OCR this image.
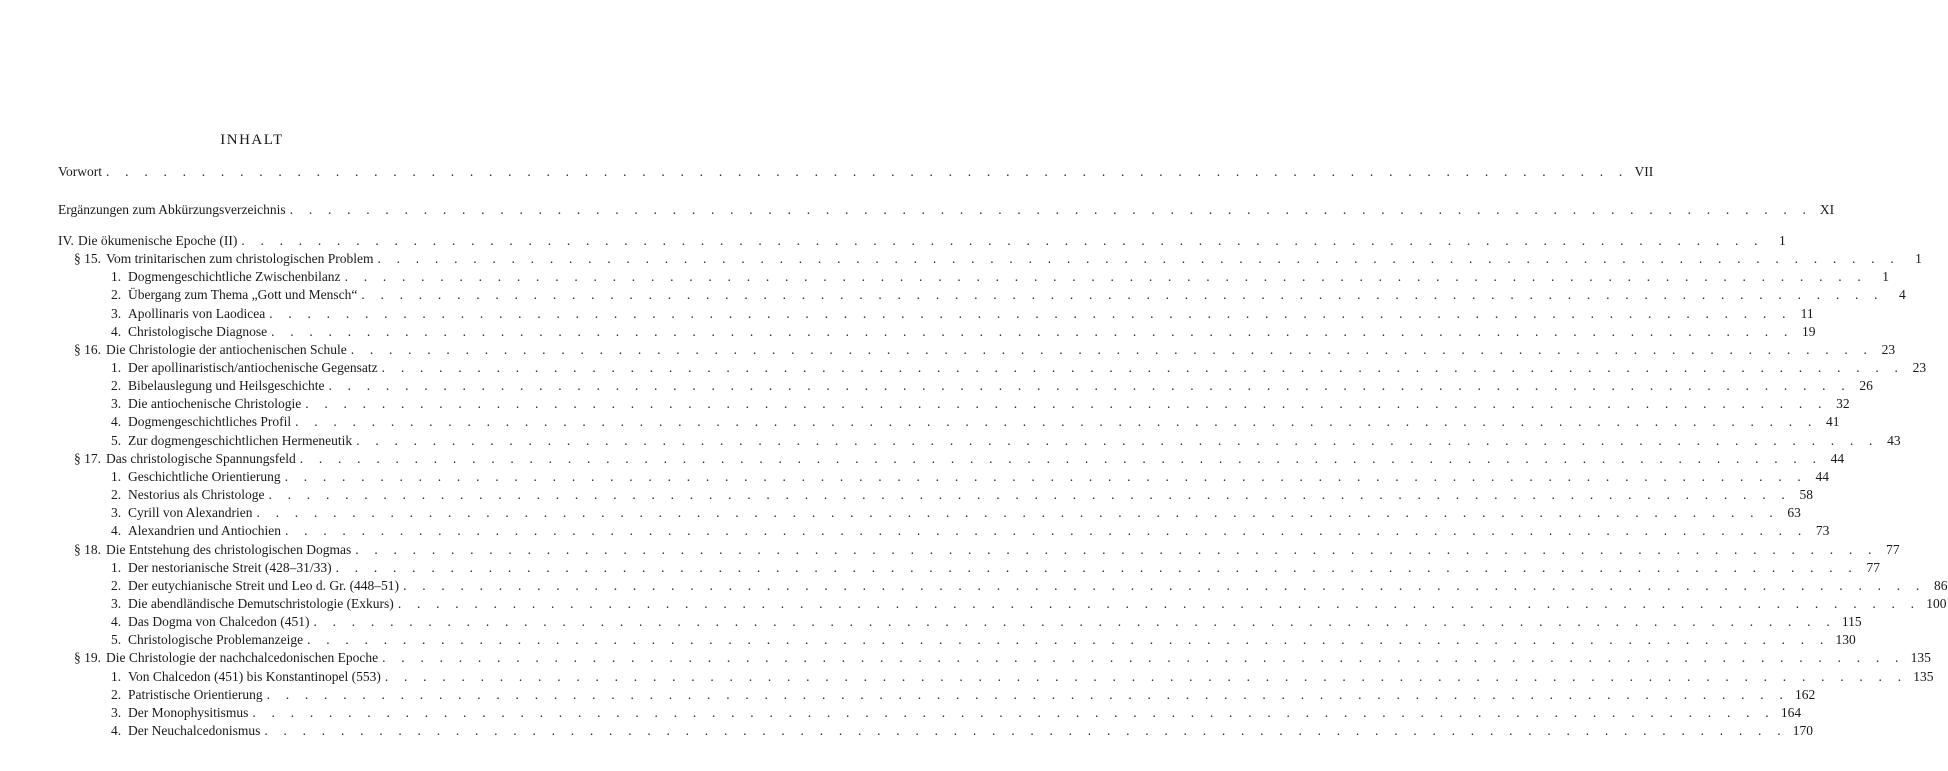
INHALT
Vorwort . . . . . . . . . . . . . . . . . . . . . . . . . . . . . . . . . . . . . . . . . . . . . . . . . . . . . . . . . . . . . . . . . . . . . . . . . . . . . . . . VII
Ergänzungen zum Abkürzungsverzeichnis . . . . . . . . . . . . . . . . . . . . . . . . . . . . . . . . . . . . . . . . . . . . . . . . . . . . . . . . . . . . . . . . . . . . . . . . . . . . . . . . XI
IV. Die ökumenische Epoche (II) . . . . . . . . . . . . . . . . . . . . . . . . . . . . . . . . . . . . . . . . . . . . . . . . . . . . . . . . . . . . . . . . . . . . . . . . . . . . . . . .	1
§ 15. Vom trinitarischen zum christologischen Problem . . . . . . . . . . . . . . . . . . . . . . . . . . . . . . . . . . . . . . . . . . . . . . . . . . . . . . . . . . . . . . . . . . . . . . . . . . . . . . . .	1
1. Dogmengeschichtliche Zwischenbilanz . . . . . . . . . . . . . . . . . . . . . . . . . . . . . . . . . . . . . . . . . . . . . . . . . . . . . . . . . . . . . . . . . . . . . . . . . . . . . . . .	1
2. Übergang zum Thema „Gott und Mensch“ . . . . . . . . . . . . . . . . . . . . . . . . . . . . . . . . . . . . . . . . . . . . . . . . . . . . . . . . . . . . . . . . . . . . . . . . . . . . . . . .	4
3. Apollinaris von Laodicea . . . . . . . . . . . . . . . . . . . . . . . . . . . . . . . . . . . . . . . . . . . . . . . . . . . . . . . . . . . . . . . . . . . . . . . . . . . . . . . . 11
4. Christologische Diagnose . . . . . . . . . . . . . . . . . . . . . . . . . . . . . . . . . . . . . . . . . . . . . . . . . . . . . . . . . . . . . . . . . . . . . . . . . . . . . . . . 19
§ 16. Die Christologie der antiochenischen Schule . . . . . . . . . . . . . . . . . . . . . . . . . . . . . . . . . . . . . . . . . . . . . . . . . . . . . . . . . . . . . . . . . . . . . . . . . . . . . . . . 23
1. Der apollinaristisch/antiochenische Gegensatz . . . . . . . . . . . . . . . . . . . . . . . . . . . . . . . . . . . . . . . . . . . . . . . . . . . . . . . . . . . . . . . . . . . . . . . . . . . . . . . . 23
2. Bibelauslegung und Heilsgeschichte . . . . . . . . . . . . . . . . . . . . . . . . . . . . . . . . . . . . . . . . . . . . . . . . . . . . . . . . . . . . . . . . . . . . . . . . . . . . . . . . 26
3. Die antiochenische Christologie . . . . . . . . . . . . . . . . . . . . . . . . . . . . . . . . . . . . . . . . . . . . . . . . . . . . . . . . . . . . . . . . . . . . . . . . . . . . . . . . 32
4. Dogmengeschichtliches Profil . . . . . . . . . . . . . . . . . . . . . . . . . . . . . . . . . . . . . . . . . . . . . . . . . . . . . . . . . . . . . . . . . . . . . . . . . . . . . . . . 41
5. Zur dogmengeschichtlichen Hermeneutik . . . . . . . . . . . . . . . . . . . . . . . . . . . . . . . . . . . . . . . . . . . . . . . . . . . . . . . . . . . . . . . . . . . . . . . . . . . . . . . . 43
§ 17. Das christologische Spannungsfeld . . . . . . . . . . . . . . . . . . . . . . . . . . . . . . . . . . . . . . . . . . . . . . . . . . . . . . . . . . . . . . . . . . . . . . . . . . . . . . . . 44
1. Geschichtliche Orientierung . . . . . . . . . . . . . . . . . . . . . . . . . . . . . . . . . . . . . . . . . . . . . . . . . . . . . . . . . . . . . . . . . . . . . . . . . . . . . . . . 44
2. Nestorius als Christologe . . . . . . . . . . . . . . . . . . . . . . . . . . . . . . . . . . . . . . . . . . . . . . . . . . . . . . . . . . . . . . . . . . . . . . . . . . . . . . . . 58
3. Cyrill von Alexandrien . . . . . . . . . . . . . . . . . . . . . . . . . . . . . . . . . . . . . . . . . . . . . . . . . . . . . . . . . . . . . . . . . . . . . . . . . . . . . . . . 63
4. Alexandrien und Antiochien . . . . . . . . . . . . . . . . . . . . . . . . . . . . . . . . . . . . . . . . . . . . . . . . . . . . . . . . . . . . . . . . . . . . . . . . . . . . . . . . 73
§ 18. Die Entstehung des christologischen Dogmas . . . . . . . . . . . . . . . . . . . . . . . . . . . . . . . . . . . . . . . . . . . . . . . . . . . . . . . . . . . . . . . . . . . . . . . . . . . . . . . . 77
1. Der nestorianische Streit (428–31/33) . . . . . . . . . . . . . . . . . . . . . . . . . . . . . . . . . . . . . . . . . . . . . . . . . . . . . . . . . . . . . . . . . . . . . . . . . . . . . . . . 77
2. Der eutychianische Streit und Leo d. Gr. (448–51) . . . . . . . . . . . . . . . . . . . . . . . . . . . . . . . . . . . . . . . . . . . . . . . . . . . . . . . . . . . . . . . . . . . . . . . . . . . . . . . . 86
3. Die abendländische Demutschristologie (Exkurs) . . . . . . . . . . . . . . . . . . . . . . . . . . . . . . . . . . . . . . . . . . . . . . . . . . . . . . . . . . . . . . . . . . . . . . . . . . . . . . . . 100
4. Das Dogma von Chalcedon (451) . . . . . . . . . . . . . . . . . . . . . . . . . . . . . . . . . . . . . . . . . . . . . . . . . . . . . . . . . . . . . . . . . . . . . . . . . . . . . . . . 115
5. Christologische Problemanzeige . . . . . . . . . . . . . . . . . . . . . . . . . . . . . . . . . . . . . . . . . . . . . . . . . . . . . . . . . . . . . . . . . . . . . . . . . . . . . . . . 130
§ 19. Die Christologie der nachchalcedonischen Epoche . . . . . . . . . . . . . . . . . . . . . . . . . . . . . . . . . . . . . . . . . . . . . . . . . . . . . . . . . . . . . . . . . . . . . . . . . . . . . . . . 135
1. Von Chalcedon (451) bis Konstantinopel (553) . . . . . . . . . . . . . . . . . . . . . . . . . . . . . . . . . . . . . . . . . . . . . . . . . . . . . . . . . . . . . . . . . . . . . . . . . . . . . . . . 135
2. Patristische Orientierung . . . . . . . . . . . . . . . . . . . . . . . . . . . . . . . . . . . . . . . . . . . . . . . . . . . . . . . . . . . . . . . . . . . . . . . . . . . . . . . . 162
3. Der Monophysitismus . . . . . . . . . . . . . . . . . . . . . . . . . . . . . . . . . . . . . . . . . . . . . . . . . . . . . . . . . . . . . . . . . . . . . . . . . . . . . . . . 164
4. Der Neuchalcedonismus . . . . . . . . . . . . . . . . . . . . . . . . . . . . . . . . . . . . . . . . . . . . . . . . . . . . . . . . . . . . . . . . . . . . . . . . . . . . . . . . 170
